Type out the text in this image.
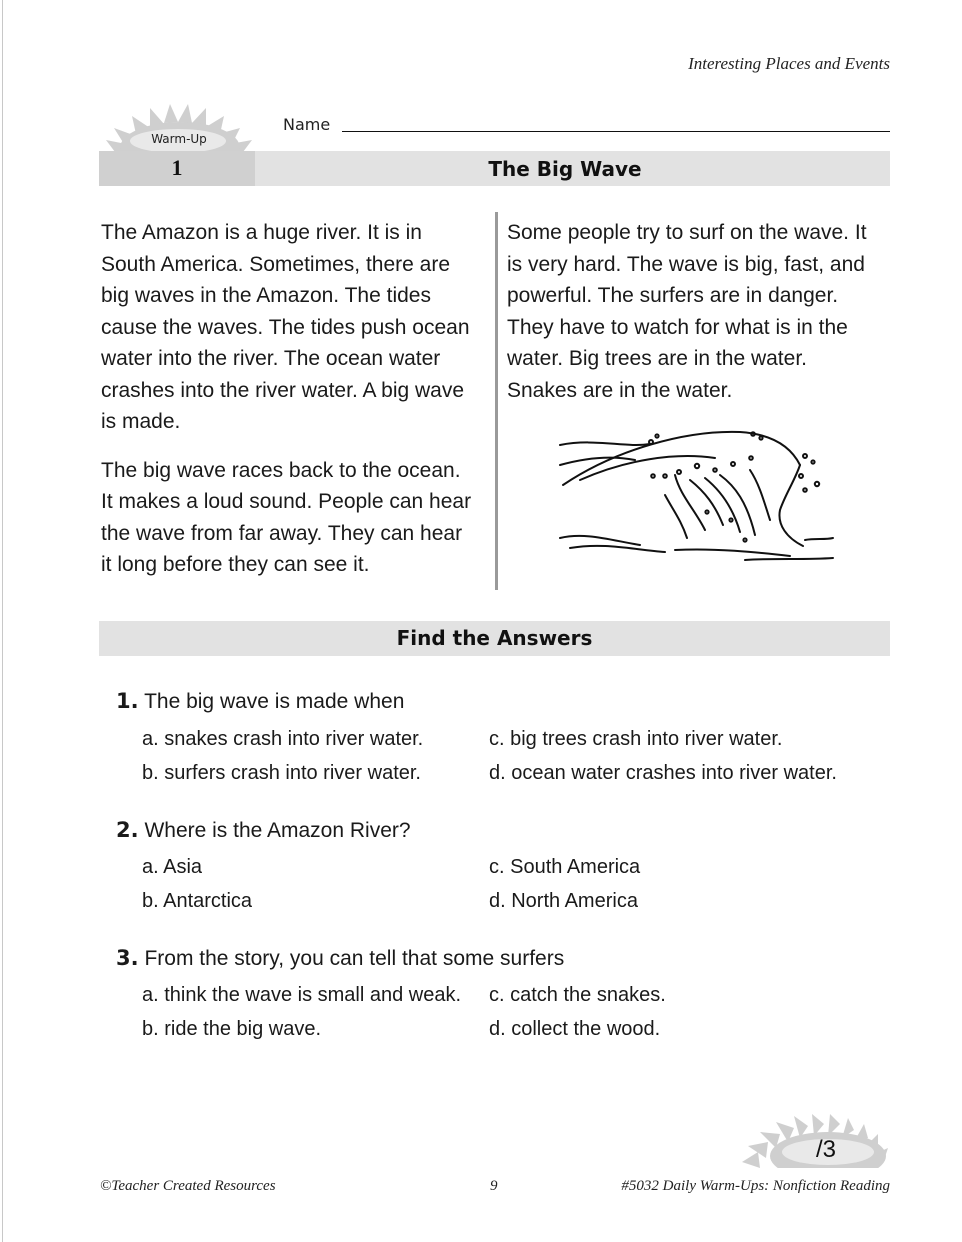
Interesting Places and Events
Warm-Up
Name
1	The Big Wave

The Amazon is a huge river. It is in
South America. Sometimes, there are
big waves in the Amazon. The tides
cause the waves. The tides push ocean
water into the river. The ocean water
crashes into the river water. A big wave
is made.

The big wave races back to the ocean.
It makes a loud sound. People can hear
the wave from far away. They can hear
it long before they can see it.

Some people try to surf on the wave. It
is very hard. The wave is big, fast, and
powerful. The surfers are in danger.
They have to watch for what is in the
water. Big trees are in the water.
Snakes are in the water.

Find the Answers
1. The big wave is made when
a. snakes crash into river water.	c. big trees crash into river water.
b. surfers crash into river water.	d. ocean water crashes into river water.
2. Where is the Amazon River?
a. Asia	c. South America
b. Antarctica	d. North America
3. From the story, you can tell that some surfers
a. think the wave is small and weak. c. catch the snakes.
b. ride the big wave.	d. collect the wood.
/3
©Teacher Created Resources	9	#5032 Daily Warm-Ups: Nonfiction Reading
